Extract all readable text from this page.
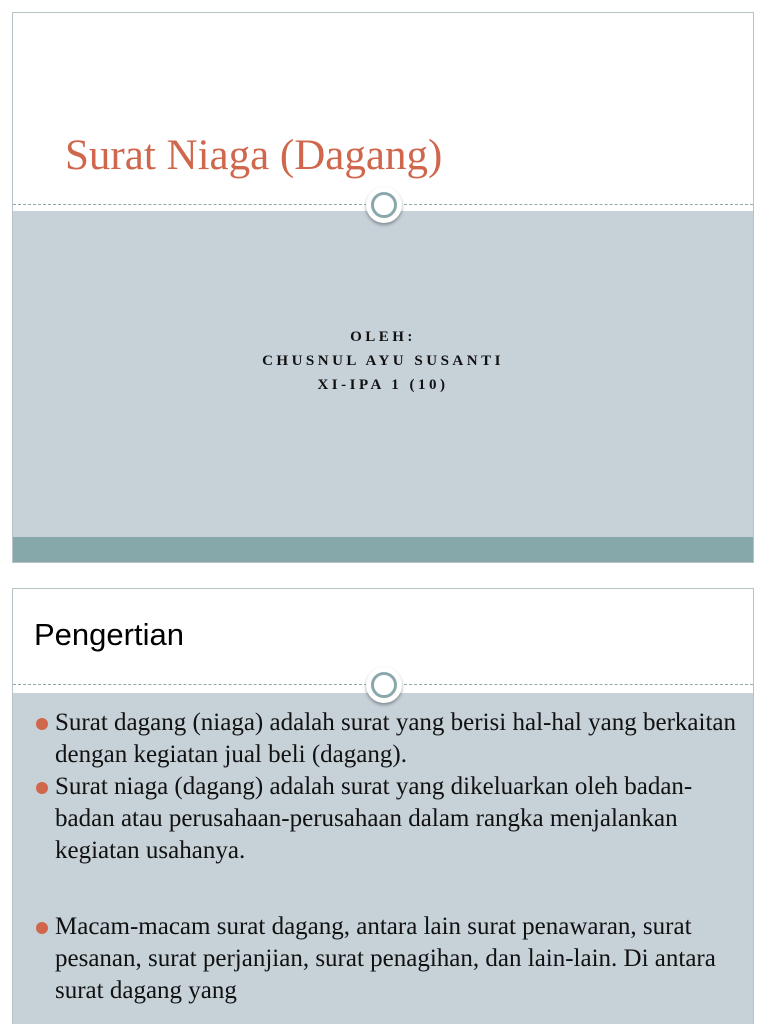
Surat Niaga (Dagang)
OLEH:
CHUSNUL AYU SUSANTI
XI-IPA 1 (10)
Pengertian
Surat dagang (niaga) adalah surat yang berisi hal-hal yang berkaitan dengan kegiatan jual beli (dagang).
Surat niaga (dagang) adalah surat yang dikeluarkan oleh badan-badan atau perusahaan-perusahaan dalam rangka menjalankan kegiatan usahanya.
Macam-macam surat dagang, antara lain surat penawaran, surat pesanan, surat perjanjian, surat penagihan, dan lain-lain. Di antara surat dagang yang
